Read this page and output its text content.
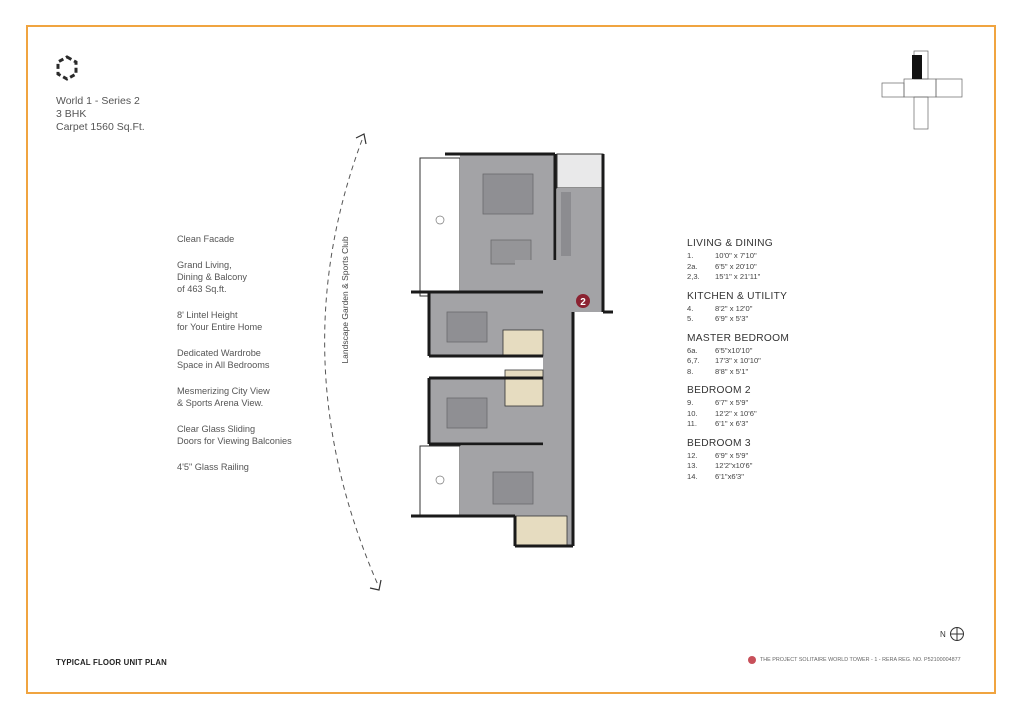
World 1 - Series 2
3 BHK
Carpet 1560 Sq.Ft.
Clean Facade
Grand Living,
Dining & Balcony
of 463 Sq.ft.
8' Lintel Height
for Your Entire Home
Dedicated Wardrobe
Space in All Bedrooms
Mesmerizing City View
& Sports Arena View.
Clear Glass Sliding
Doors for Viewing Balconies
4'5" Glass Railing
Landscape Garden & Sports Club	2
LIVING & DINING
1.	10'0" x 7'10"
2a.	6'5" x 20'10"
2,3.	15'1" x 21'11"
KITCHEN & UTILITY
4.	8'2" x 12'0"
5.	6'9" x 5'3"
MASTER BEDROOM
6a.	6'5"x10'10"
6,7.	17'3" x 10'10"
8.	8'8" x 5'1"
BEDROOM 2
9.	6'7" x 5'9"
10.	12'2" x 10'6"
11.	6'1" x 6'3"
BEDROOM 3
12.	6'9" x 5'9"
13.	12'2"x10'6"
14.	6'1"x6'3"
TYPICAL FLOOR UNIT PLAN
N
THE PROJECT SOLITAIRE WORLD TOWER - 1 - RERA REG. NO. P52100004877
